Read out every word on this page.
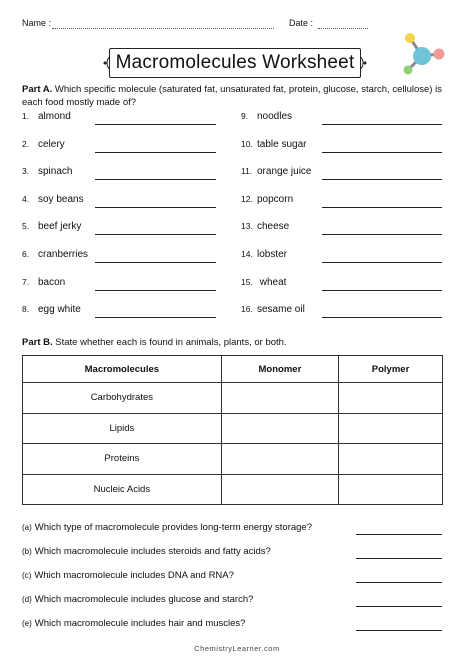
Name :	Date :
Macromolecules Worksheet
Part A. Which specific molecule (saturated fat, unsaturated fat, protein, glucose, starch, cellulose) is each food mostly made of?
1. almond
2. celery
3. spinach
4. soy beans
5. beef jerky
6. cranberries
7. bacon
8. egg white
9. noodles
10. table sugar
11. orange juice
12. popcorn
13. cheese
14. lobster
15. wheat
16. sesame oil
Part B. State whether each is found in animals, plants, or both.
Macromolecules	Monomer	Polymer
Carbohydrates		
Lipids		
Proteins		
Nucleic Acids		
(a) Which type of macromolecule provides long-term energy storage?
(b) Which macromolecule includes steroids and fatty acids?
(c) Which macromolecule includes DNA and RNA?
(d) Which macromolecule includes glucose and starch?
(e) Which macromolecule includes hair and muscles?
ChemistryLearner.com
